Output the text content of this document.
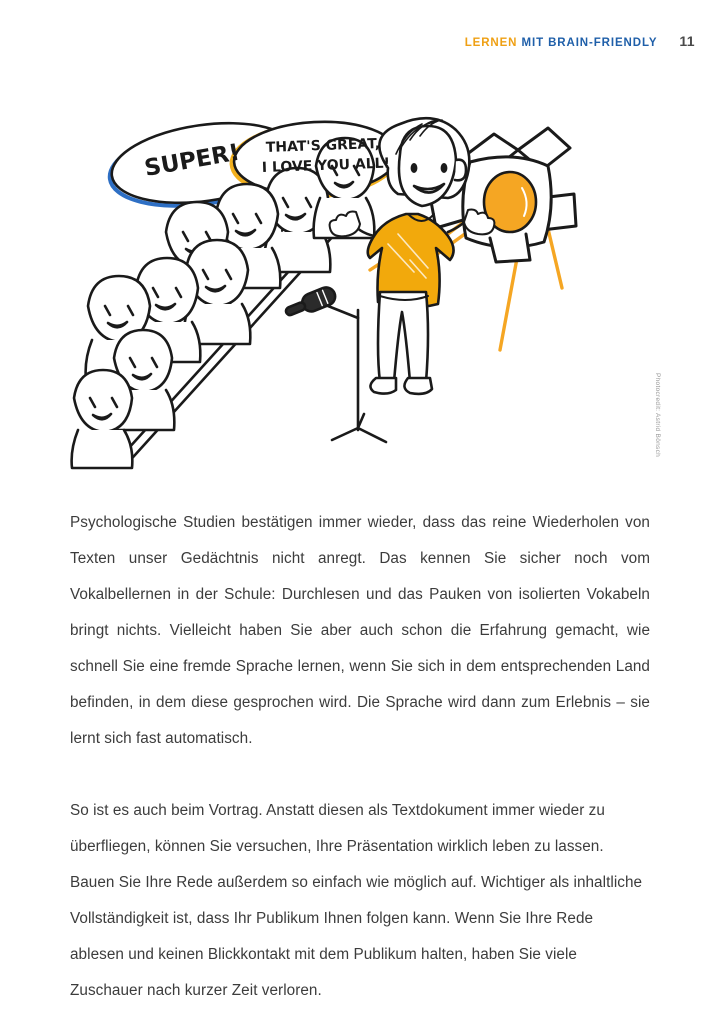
LERNEN MIT BRAIN-FRIENDLY 11
SUPER! THAT'S GREAT,
I LOVE YOU ALL!
Photocredit: Astrid Bönsch

Psychologische Studien bestätigen immer wieder, dass das reine Wiederholen von Texten unser Gedächtnis nicht anregt. Das kennen Sie sicher noch vom Vokalbellernen in der Schule: Durchlesen und das Pauken von isolierten Vokabeln bringt nichts. Vielleicht haben Sie aber auch schon die Erfahrung gemacht, wie schnell Sie eine fremde Sprache lernen, wenn Sie sich in dem entsprechenden Land befinden, in dem diese gesprochen wird. Die Sprache wird dann zum Erlebnis – sie lernt sich fast automatisch.

So ist es auch beim Vortrag. Anstatt diesen als Textdokument immer wieder zu überfliegen, können Sie versuchen, Ihre Präsentation wirklich leben zu lassen. Bauen Sie Ihre Rede außerdem so einfach wie möglich auf. Wichtiger als inhaltliche Vollständigkeit ist, dass Ihr Publikum Ihnen folgen kann. Wenn Sie Ihre Rede ablesen und keinen Blickkontakt mit dem Publikum halten, haben Sie viele Zuschauer nach kurzer Zeit verloren.
